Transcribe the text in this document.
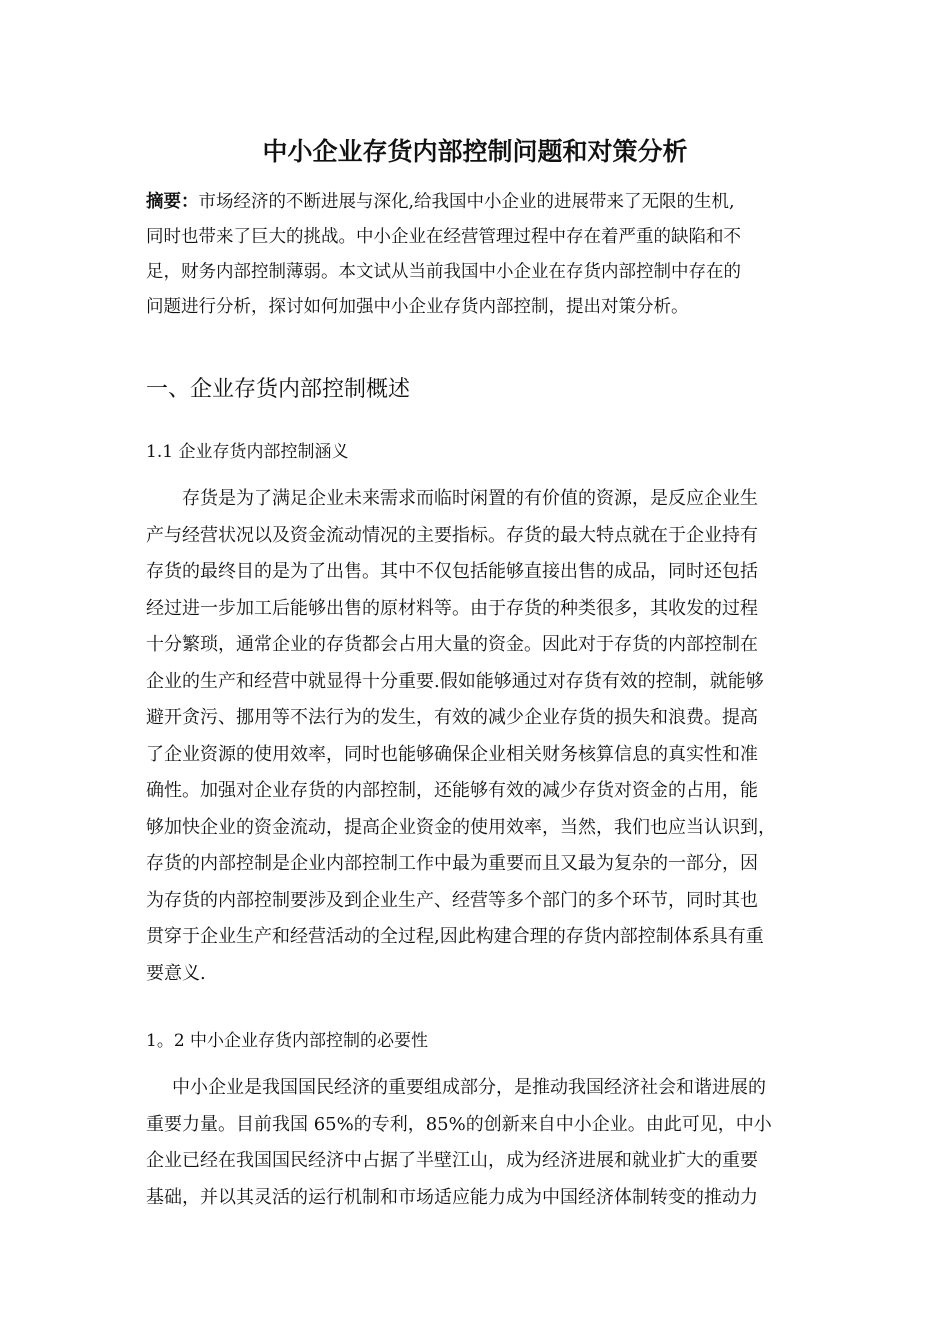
中小企业存货内部控制问题和对策分析
摘要：市场经济的不断进展与深化,给我国中小企业的进展带来了无限的生机,
同时也带来了巨大的挑战。中小企业在经营管理过程中存在着严重的缺陷和不
足，财务内部控制薄弱。本文试从当前我国中小企业在存货内部控制中存在的
问题进行分析，探讨如何加强中小企业存货内部控制，提出对策分析。
一、企业存货内部控制概述
1.1 企业存货内部控制涵义
存货是为了满足企业未来需求而临时闲置的有价值的资源，是反应企业生
产与经营状况以及资金流动情况的主要指标。存货的最大特点就在于企业持有
存货的最终目的是为了出售。其中不仅包括能够直接出售的成品，同时还包括
经过进一步加工后能够出售的原材料等。由于存货的种类很多，其收发的过程
十分繁琐，通常企业的存货都会占用大量的资金。因此对于存货的内部控制在
企业的生产和经营中就显得十分重要.假如能够通过对存货有效的控制，就能够
避开贪污、挪用等不法行为的发生，有效的减少企业存货的损失和浪费。提高
了企业资源的使用效率，同时也能够确保企业相关财务核算信息的真实性和准
确性。加强对企业存货的内部控制，还能够有效的减少存货对资金的占用，能
够加快企业的资金流动，提高企业资金的使用效率，当然，我们也应当认识到，
存货的内部控制是企业内部控制工作中最为重要而且又最为复杂的一部分，因
为存货的内部控制要涉及到企业生产、经营等多个部门的多个环节，同时其也
贯穿于企业生产和经营活动的全过程,因此构建合理的存货内部控制体系具有重
要意义.
1。2 中小企业存货内部控制的必要性
中小企业是我国国民经济的重要组成部分，是推动我国经济社会和谐进展的
重要力量。目前我国 65%的专利，85%的创新来自中小企业。由此可见，中小
企业已经在我国国民经济中占据了半壁江山，成为经济进展和就业扩大的重要
基础，并以其灵活的运行机制和市场适应能力成为中国经济体制转变的推动力
